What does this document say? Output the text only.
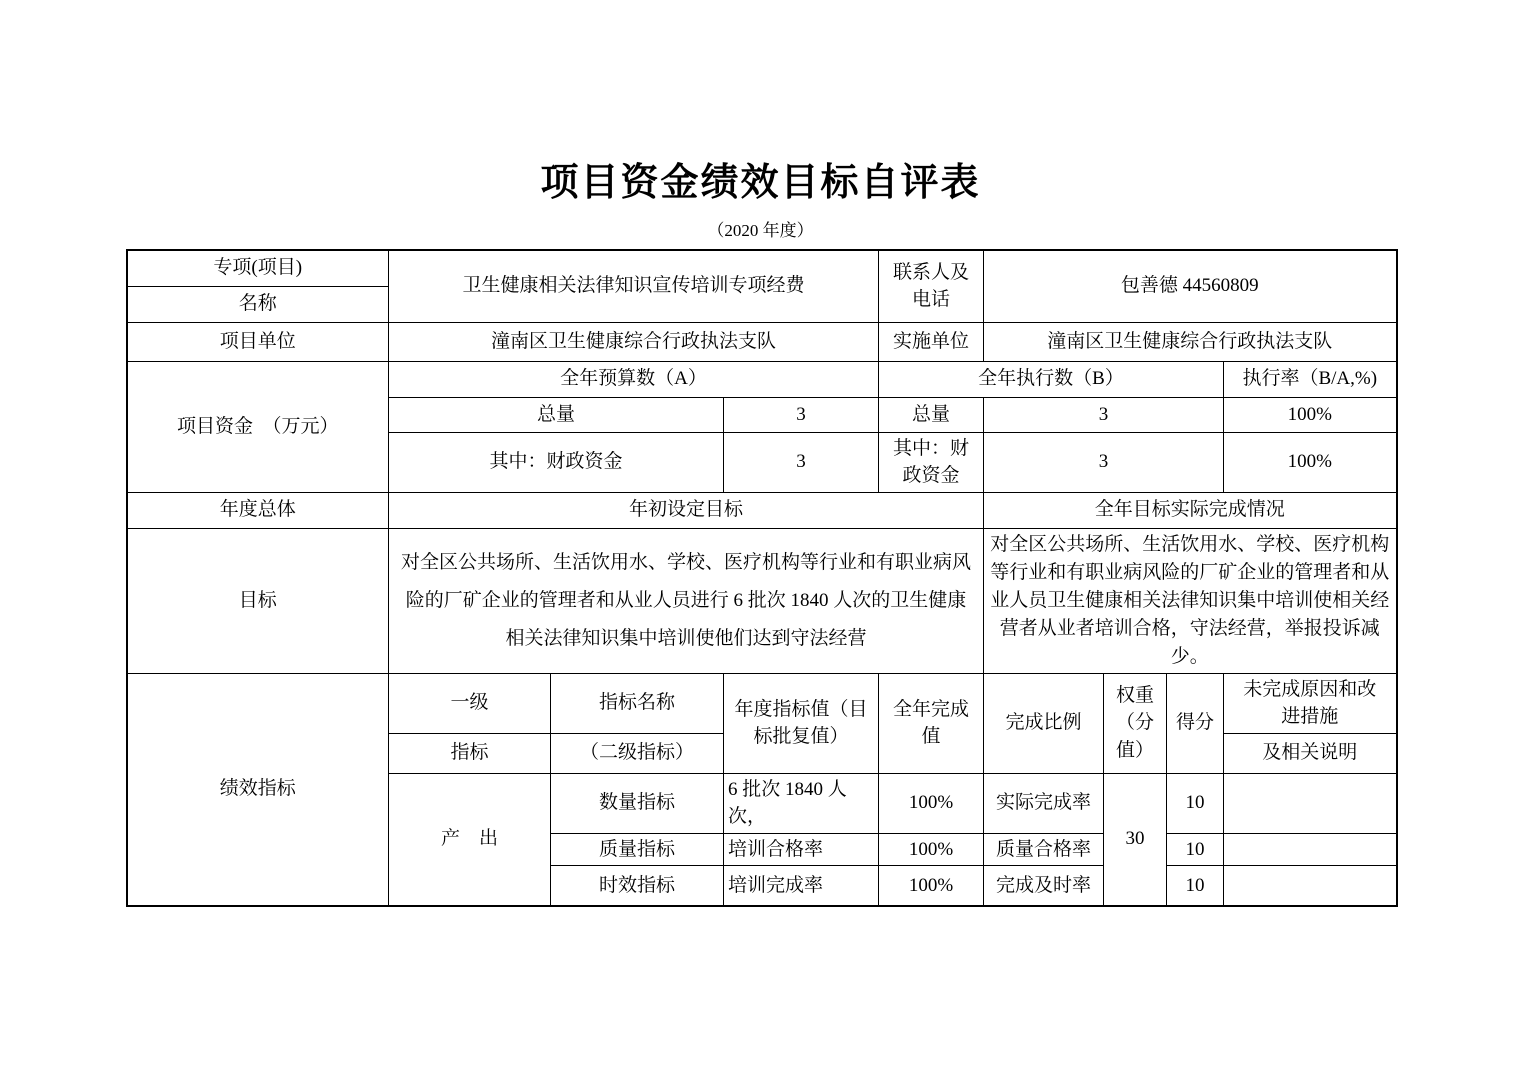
项目资金绩效目标自评表
（2020 年度）
专项(项目)	卫生健康相关法律知识宣传培训专项经费			联系人及电话	包善德 44560809			
名称								
项目单位	潼南区卫生健康综合行政执法支队			实施单位	潼南区卫生健康综合行政执法支队			
项目资金　（万元）	全年预算数（A）			全年执行数（B）				执行率（B/A,%)
	总量		3	总量	3			100%
	其中：财政资金		3	其中：财政资金	3			100%
年度总体	年初设定目标				全年目标实际完成情况			
目标	对全区公共场所、生活饮用水、学校、医疗机构等行业和有职业病风险的厂矿企业的管理者和从业人员进行 6 批次 1840 人次的卫生健康相关法律知识集中培训使他们达到守法经营				对全区公共场所、生活饮用水、学校、医疗机构等行业和有职业病风险的厂矿企业的管理者和从业人员卫生健康相关法律知识集中培训使相关经营者从业者培训合格，守法经营，举报投诉减少。			
绩效指标	一级	指标名称	年度指标值（目标批复值）	全年完成值	完成比例	权重（分值）	得分	未完成原因和改进措施
	指标	（二级指标）						及相关说明
	产　出	数量指标	6 批次 1840 人次，	100%	实际完成率	30	10	
		质量指标	培训合格率	100%	质量合格率		10	
		时效指标	培训完成率	100%	完成及时率		10	
